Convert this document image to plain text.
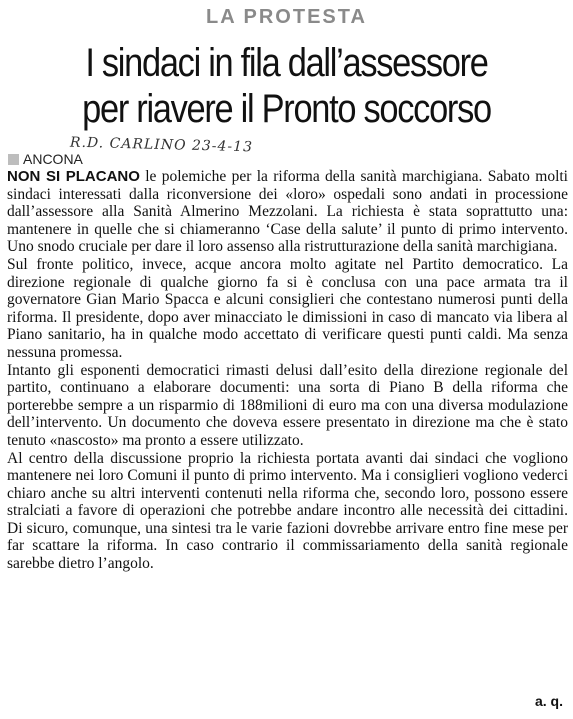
LA PROTESTA
I sindaci in fila dall’assessore
per riavere il Pronto soccorso
R.D. CARLINO 23-4-13
ANCONA

NON SI PLACANO le polemiche per la riforma della sanità marchigiana. Sabato molti sindaci interessati dalla riconversione dei «loro» ospedali sono andati in processione dall’assessore alla Sanità Almerino Mezzolani. La richiesta è stata soprattutto una: mantenere in quelle che si chiameranno ‘Case della salute’ il punto di primo intervento. Uno snodo cruciale per dare il loro assenso alla ristrutturazione della sanità marchigiana.

Sul fronte politico, invece, acque ancora molto agitate nel Partito democratico. La direzione regionale di qualche giorno fa si è conclusa con una pace armata tra il governatore Gian Mario Spacca e alcuni consiglieri che contestano numerosi punti della riforma. Il presidente, dopo aver minacciato le dimissioni in caso di mancato via libera al Piano sanitario, ha in qualche modo accettato di verificare questi punti caldi. Ma senza nessuna promessa.

Intanto gli esponenti democratici rimasti delusi dall’esito della direzione regionale del partito, continuano a elaborare documenti: una sorta di Piano B della riforma che porterebbe sempre a un risparmio di 188milioni di euro ma con una diversa modulazione dell’intervento. Un documento che doveva essere presentato in direzione ma che è stato tenuto «nascosto» ma pronto a essere utilizzato.

Al centro della discussione proprio la richiesta portata avanti dai sindaci che vogliono mantenere nei loro Comuni il punto di primo intervento. Ma i consiglieri vogliono vederci chiaro anche su altri interventi contenuti nella riforma che, secondo loro, possono essere stralciati a favore di operazioni che potrebbe andare incontro alle necessità dei cittadini. Di sicuro, comunque, una sintesi tra le varie fazioni dovrebbe arrivare entro fine mese per far scattare la riforma. In caso contrario il commissariamento della sanità regionale sarebbe dietro l’angolo.

a. q.
